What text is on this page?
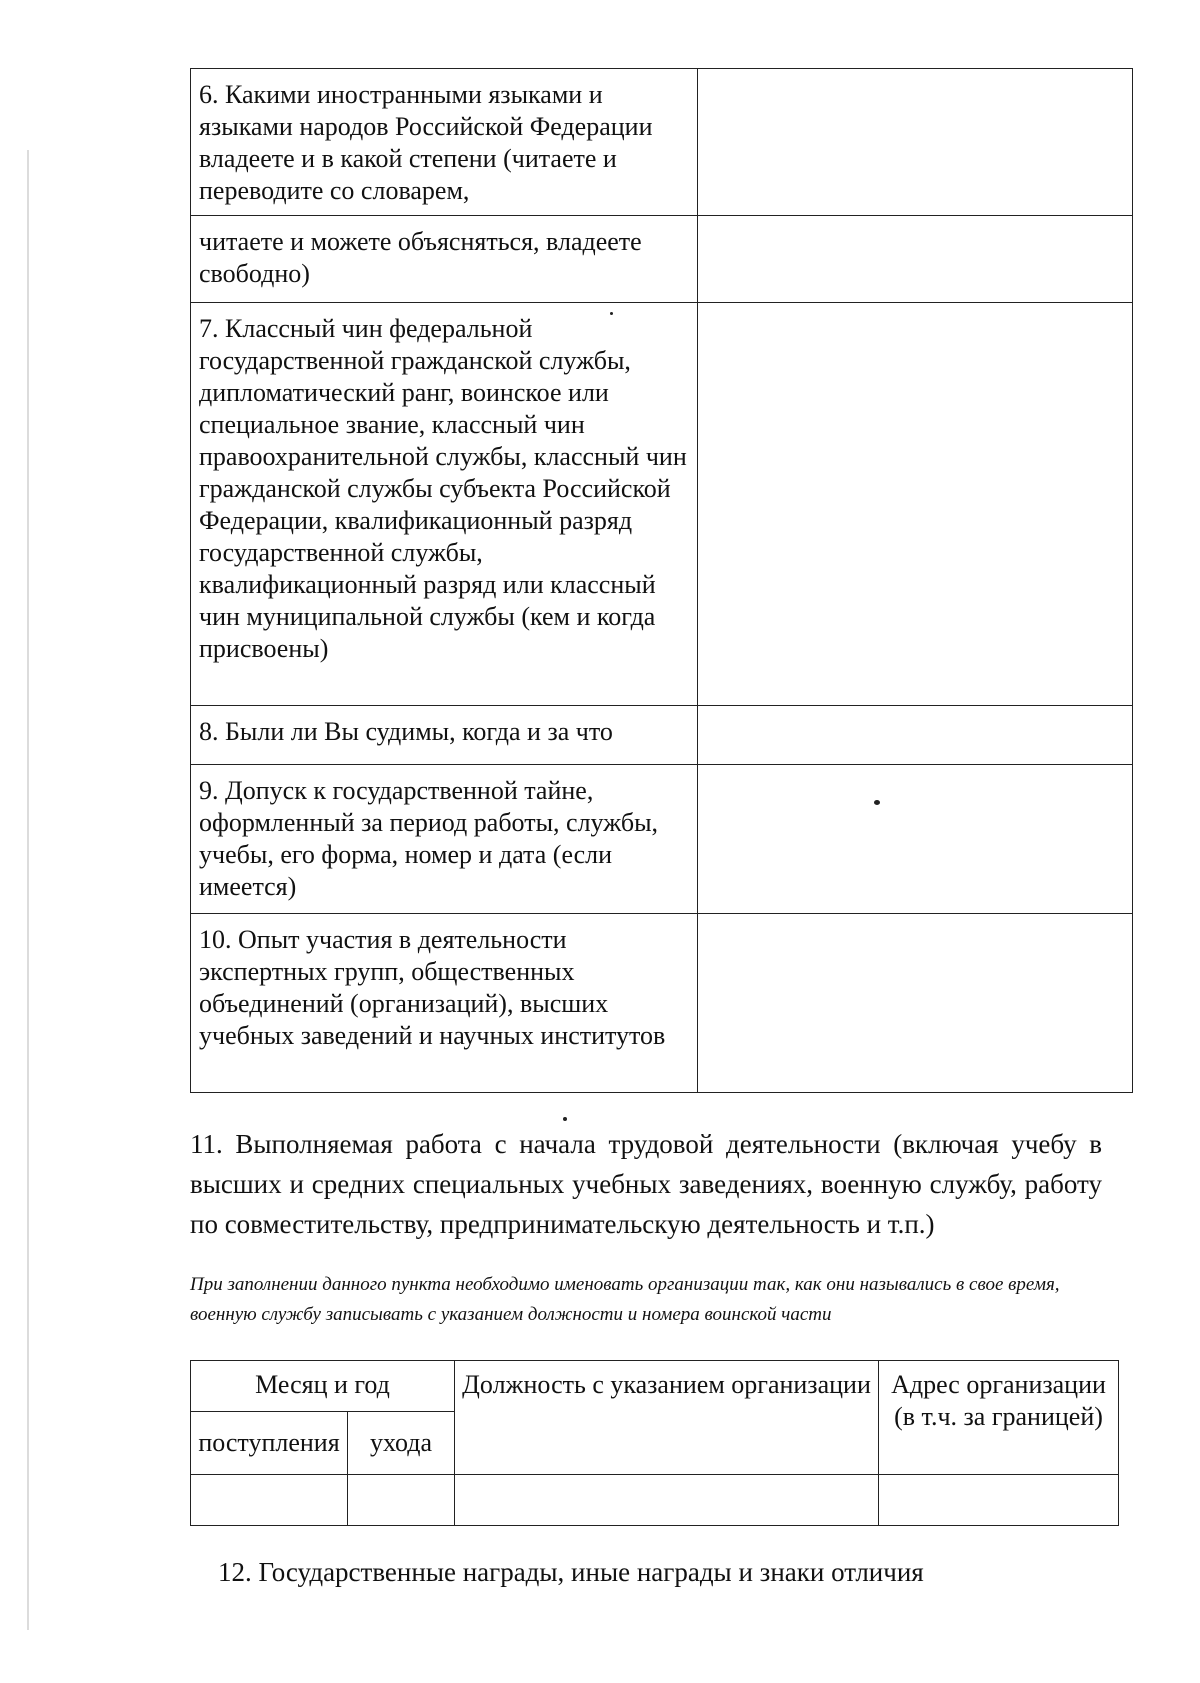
6. Какими иностранными языками и языками народов Российской Федерации владеете и в какой степени (читаете и переводите со словарем,	
читаете и можете объясняться, владеете свободно)	
7. Классный чин федеральной государственной гражданской службы, дипломатический ранг, воинское или специальное звание, классный чин правоохранительной службы, классный чин гражданской службы субъекта Российской Федерации, квалификационный разряд государственной службы, квалификационный разряд или классный чин муниципальной службы (кем и когда присвоены)	
8. Были ли Вы судимы, когда и за что	
9. Допуск к государственной тайне, оформленный за период работы, службы, учебы, его форма, номер и дата (если имеется)	
10. Опыт участия в деятельности экспертных групп, общественных объединений (организаций), высших учебных заведений и научных институтов	
11. Выполняемая работа с начала трудовой деятельности (включая учебу в высших и средних специальных учебных заведениях, военную службу, работу по совместительству, предпринимательскую деятельность и т.п.)
При заполнении данного пункта необходимо именовать организации так, как они назывались в свое время, военную службу записывать с указанием должности и номера воинской части
Месяц и год		Должность с указанием организации	Адрес организации (в т.ч. за границей)
поступления	ухода		

12. Государственные награды, иные награды и знаки отличия
